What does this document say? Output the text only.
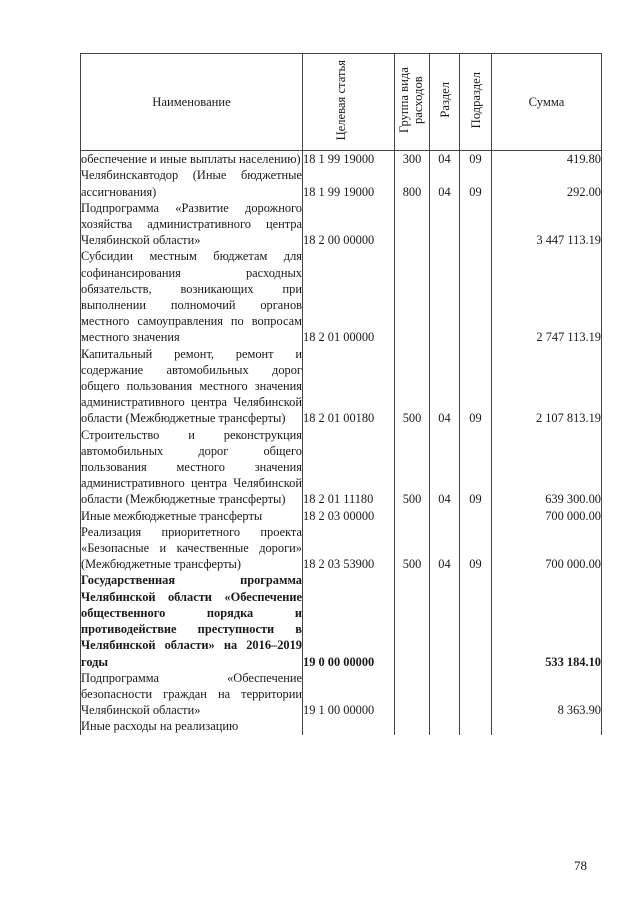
Наименование	Целевая статья	Группа вида расходов	Раздел	Подраздел	Сумма
обеспечение и иные выплаты населению)	18 1 99 19000	300	04	09	419.80
Челябинскавтодор (Иные бюджетные ассигнования)	18 1 99 19000	800	04	09	292.00
Подпрограмма «Развитие дорожного хозяйства административного центра Челябинской области»	18 2 00 00000				3 447 113.19
Субсидии местным бюджетам для софинансирования расходных обязательств, возникающих при выполнении полномочий органов местного самоуправления по вопросам местного значения	18 2 01 00000				2 747 113.19
Капитальный ремонт, ремонт и содержание автомобильных дорог общего пользования местного значения административного центра Челябинской области (Межбюджетные трансферты)	18 2 01 00180	500	04	09	2 107 813.19
Строительство и реконструкция автомобильных дорог общего пользования местного значения административного центра Челябинской области (Межбюджетные трансферты)	18 2 01 11180	500	04	09	639 300.00
Иные межбюджетные трансферты	18 2 03 00000				700 000.00
Реализация приоритетного проекта «Безопасные и качественные дороги» (Межбюджетные трансферты)	18 2 03 53900	500	04	09	700 000.00
Государственная программа Челябинской области «Обеспечение общественного порядка и противодействие преступности в Челябинской области» на 2016–2019 годы	19 0 00 00000				533 184.10
Подпрограмма «Обеспечение безопасности граждан на территории Челябинской области»	19 1 00 00000				8 363.90
Иные расходы на реализацию					
78
